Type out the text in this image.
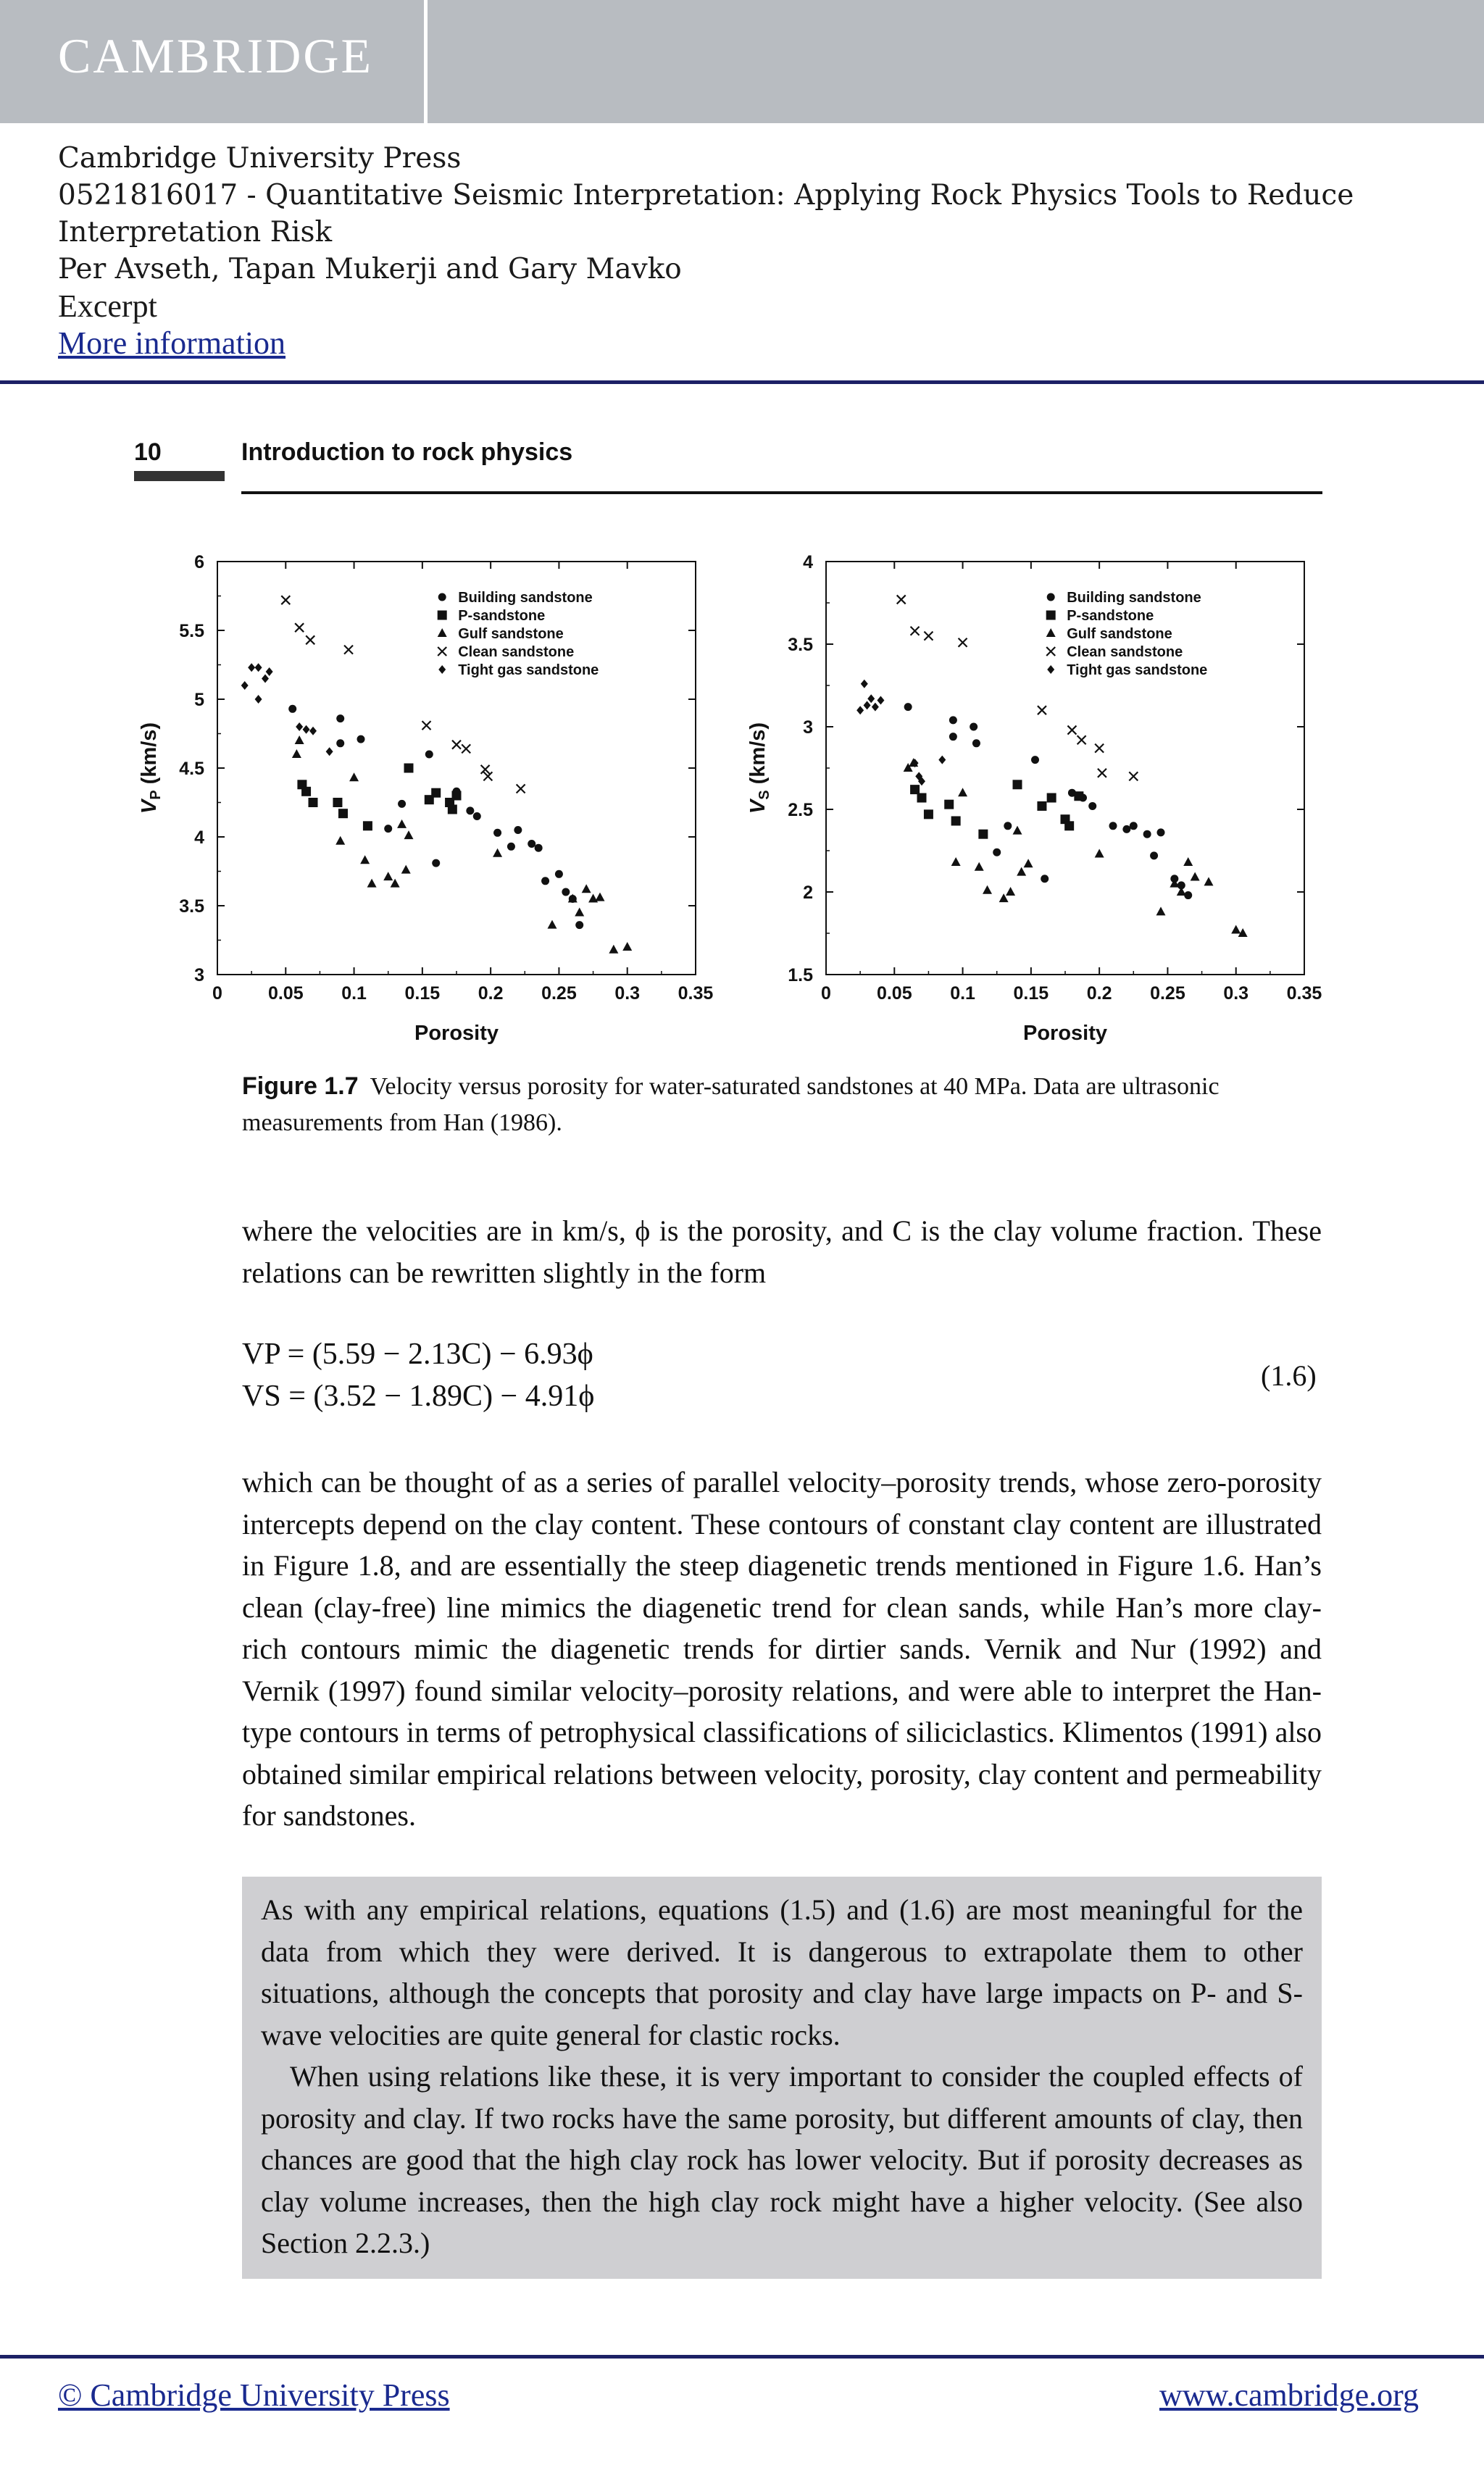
CAMBRIDGE
Cambridge University Press
0521816017 - Quantitative Seismic Interpretation: Applying Rock Physics Tools to Reduce
Interpretation Risk
Per Avseth, Tapan Mukerji and Gary Mavko
Excerpt
More information
10	Introduction to rock physics
0	0.05 0.1 0.15 0.2 0.25 0.3 0.35
3
3.5
4
4.5
5
5.5
6
Porosity
$V_P$ (km/s)
Building sandstone
P-sandstone
Gulf sandstone
Clean sandstone
Tight gas sandstone
0	0.05 0.1 0.15 0.2 0.25 0.3 0.35
1.5
2
2.5
3
3.5
4
Porosity
$V_S$ (km/s)
Building sandstone
P-sandstone
Gulf sandstone
Clean sandstone
Tight gas sandstone
Figure 1.7 Velocity versus porosity for water-saturated sandstones at 40 MPa. Data are ultrasonic measurements from Han (1986).
where the velocities are in km/s, ϕ is the porosity, and C is the clay volume fraction. These relations can be rewritten slightly in the form
VP = (5.59 − 2.13C) − 6.93ϕ
VS = (3.52 − 1.89C) − 4.91ϕ
(1.6)
which can be thought of as a series of parallel velocity–porosity trends, whose zero-porosity intercepts depend on the clay content. These contours of constant clay content are illustrated in Figure 1.8, and are essentially the steep diagenetic trends mentioned in Figure 1.6. Han’s clean (clay-free) line mimics the diagenetic trend for clean sands, while Han’s more clay-rich contours mimic the diagenetic trends for dirtier sands. Vernik and Nur (1992) and Vernik (1997) found similar velocity–porosity relations, and were able to interpret the Han-type contours in terms of petrophysical classifications of siliciclastics. Klimentos (1991) also obtained similar empirical relations between velocity, porosity, clay content and permeability for sandstones.
As with any empirical relations, equations (1.5) and (1.6) are most meaningful for the data from which they were derived. It is dangerous to extrapolate them to other situations, although the concepts that porosity and clay have large impacts on P- and S-wave velocities are quite general for clastic rocks.
When using relations like these, it is very important to consider the coupled effects of porosity and clay. If two rocks have the same porosity, but different amounts of clay, then chances are good that the high clay rock has lower velocity. But if porosity decreases as clay volume increases, then the high clay rock might have a higher velocity. (See also Section 2.2.3.)
© Cambridge University Press	www.cambridge.org
